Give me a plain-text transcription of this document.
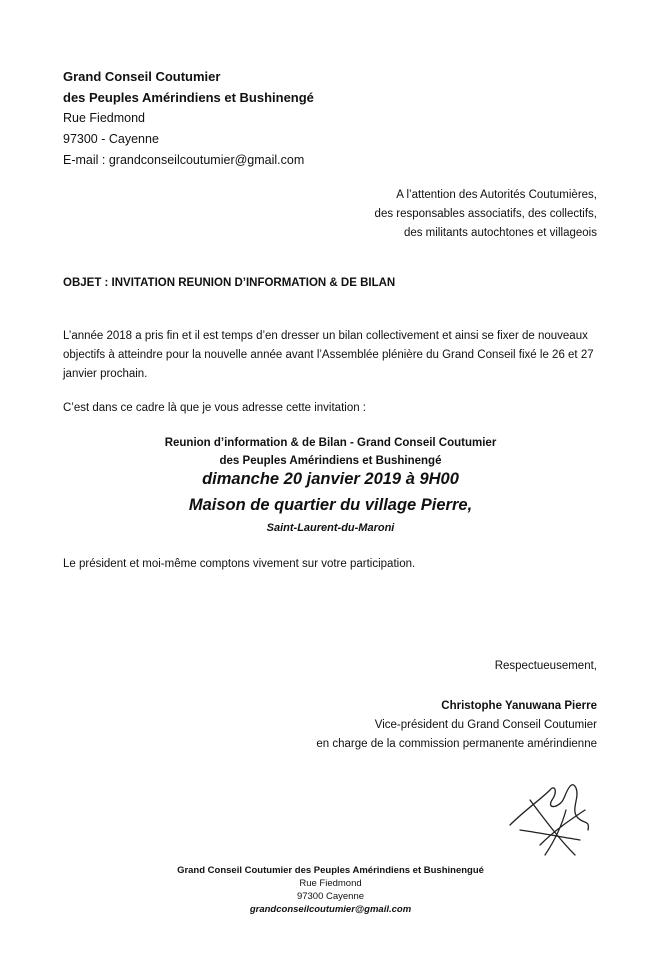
Grand Conseil Coutumier
des Peuples Amérindiens et Bushinengé
Rue Fiedmond
97300 - Cayenne
E-mail : grandconseilcoutumier@gmail.com
A l’attention des Autorités Coutumières,
des responsables associatifs, des collectifs,
des militants autochtones et villageois
OBJET : INVITATION REUNION D’INFORMATION & DE BILAN
L’année 2018 a pris fin et il est temps d’en dresser un bilan collectivement et ainsi se fixer de nouveaux objectifs à atteindre pour la nouvelle année avant l’Assemblée plénière du Grand Conseil fixé le 26 et 27 janvier prochain.
C’est dans ce cadre là que je vous adresse cette invitation :
Reunion d’information & de Bilan - Grand Conseil Coutumier
des Peuples Amérindiens et Bushinengé
dimanche 20 janvier 2019 à 9H00
Maison de quartier du village Pierre,
Saint-Laurent-du-Maroni
Le président et moi-même comptons vivement sur votre participation.
Respectueusement,
Christophe Yanuwana Pierre
Vice-président du Grand Conseil Coutumier
en charge de la commission permanente amérindienne
Grand Conseil Coutumier des Peuples Amérindiens et Bushinengué
Rue Fiedmond
97300 Cayenne
grandconseilcoutumier@gmail.com
